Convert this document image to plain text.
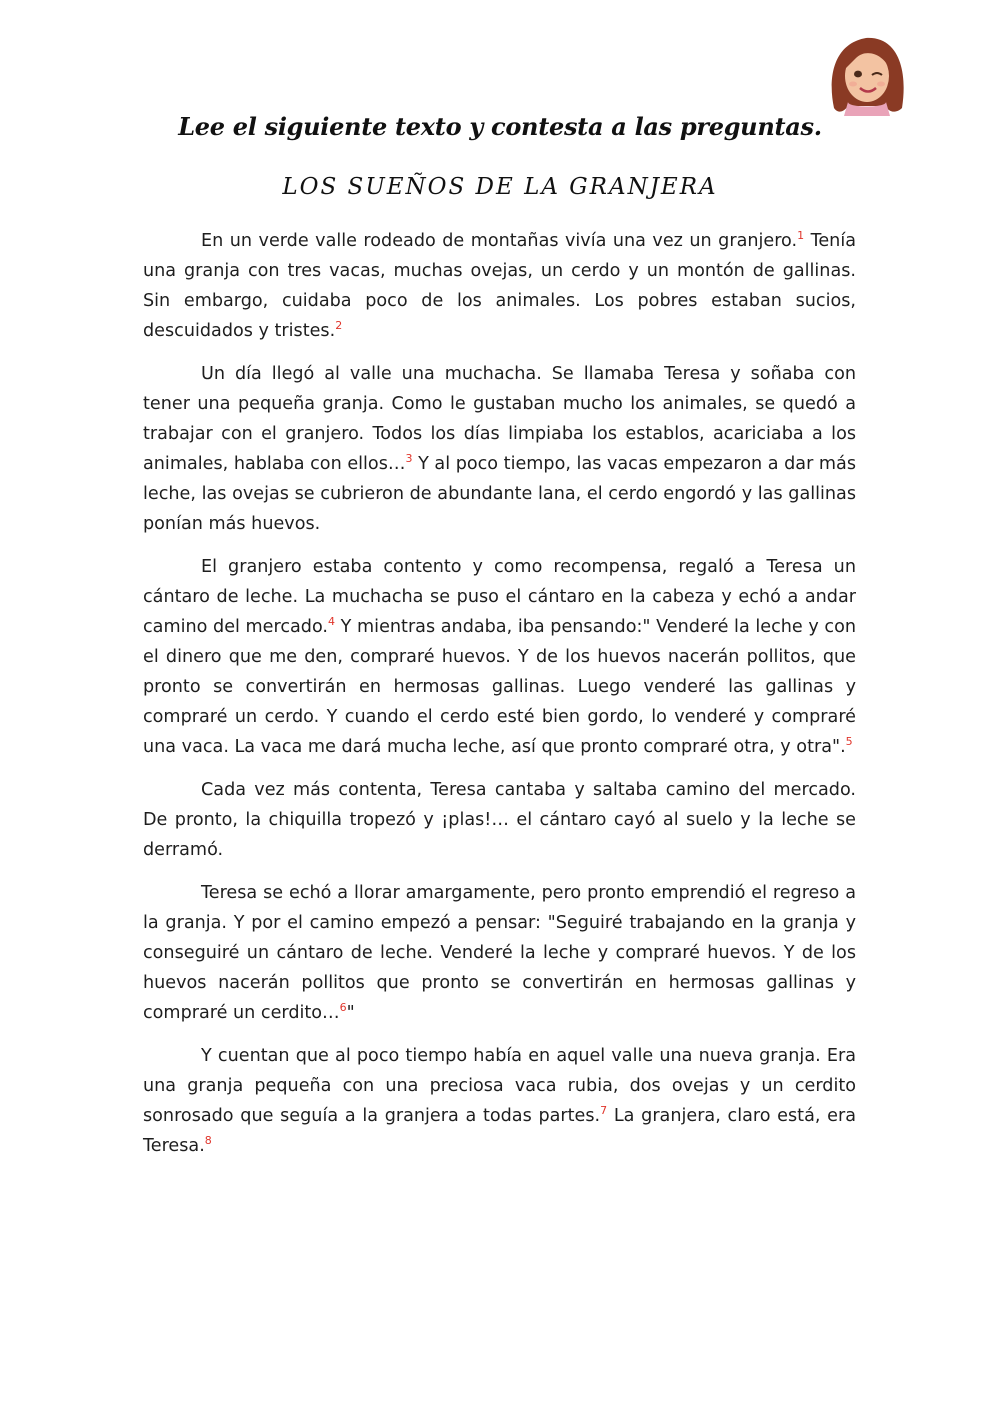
Lee el siguiente texto y contesta a las preguntas.
LOS SUEÑOS DE LA GRANJERA

En un verde valle rodeado de montañas vivía una vez un granjero.$^1$ Tenía una granja con tres vacas, muchas ovejas, un cerdo y un montón de gallinas. Sin embargo, cuidaba poco de los animales. Los pobres estaban sucios, descuidados y tristes.$^2$

Un día llegó al valle una muchacha. Se llamaba Teresa y soñaba con tener una pequeña granja. Como le gustaban mucho los animales, se quedó a trabajar con el granjero. Todos los días limpiaba los establos, acariciaba a los animales, hablaba con ellos…$^3$ Y al poco tiempo, las vacas empezaron a dar más leche, las ovejas se cubrieron de abundante lana, el cerdo engordó y las gallinas ponían más huevos.

El granjero estaba contento y como recompensa, regaló a Teresa un cántaro de leche. La muchacha se puso el cántaro en la cabeza y echó a andar camino del mercado.$^4$ Y mientras andaba, iba pensando:" Venderé la leche y con el dinero que me den, compraré huevos. Y de los huevos nacerán pollitos, que pronto se convertirán en hermosas gallinas. Luego venderé las gallinas y compraré un cerdo. Y cuando el cerdo esté bien gordo, lo venderé y compraré una vaca. La vaca me dará mucha leche, así que pronto compraré otra, y otra".$^5$

Cada vez más contenta, Teresa cantaba y saltaba camino del mercado. De pronto, la chiquilla tropezó y ¡plas!… el cántaro cayó al suelo y la leche se derramó.

Teresa se echó a llorar amargamente, pero pronto emprendió el regreso a la granja. Y por el camino empezó a pensar: "Seguiré trabajando en la granja y conseguiré un cántaro de leche. Venderé la leche y compraré huevos. Y de los huevos nacerán pollitos que pronto se convertirán en hermosas gallinas y compraré un cerdito…$^6$"

Y cuentan que al poco tiempo había en aquel valle una nueva granja. Era una granja pequeña con una preciosa vaca rubia, dos ovejas y un cerdito sonrosado que seguía a la granjera a todas partes.$^7$ La granjera, claro está, era Teresa.$^8$
